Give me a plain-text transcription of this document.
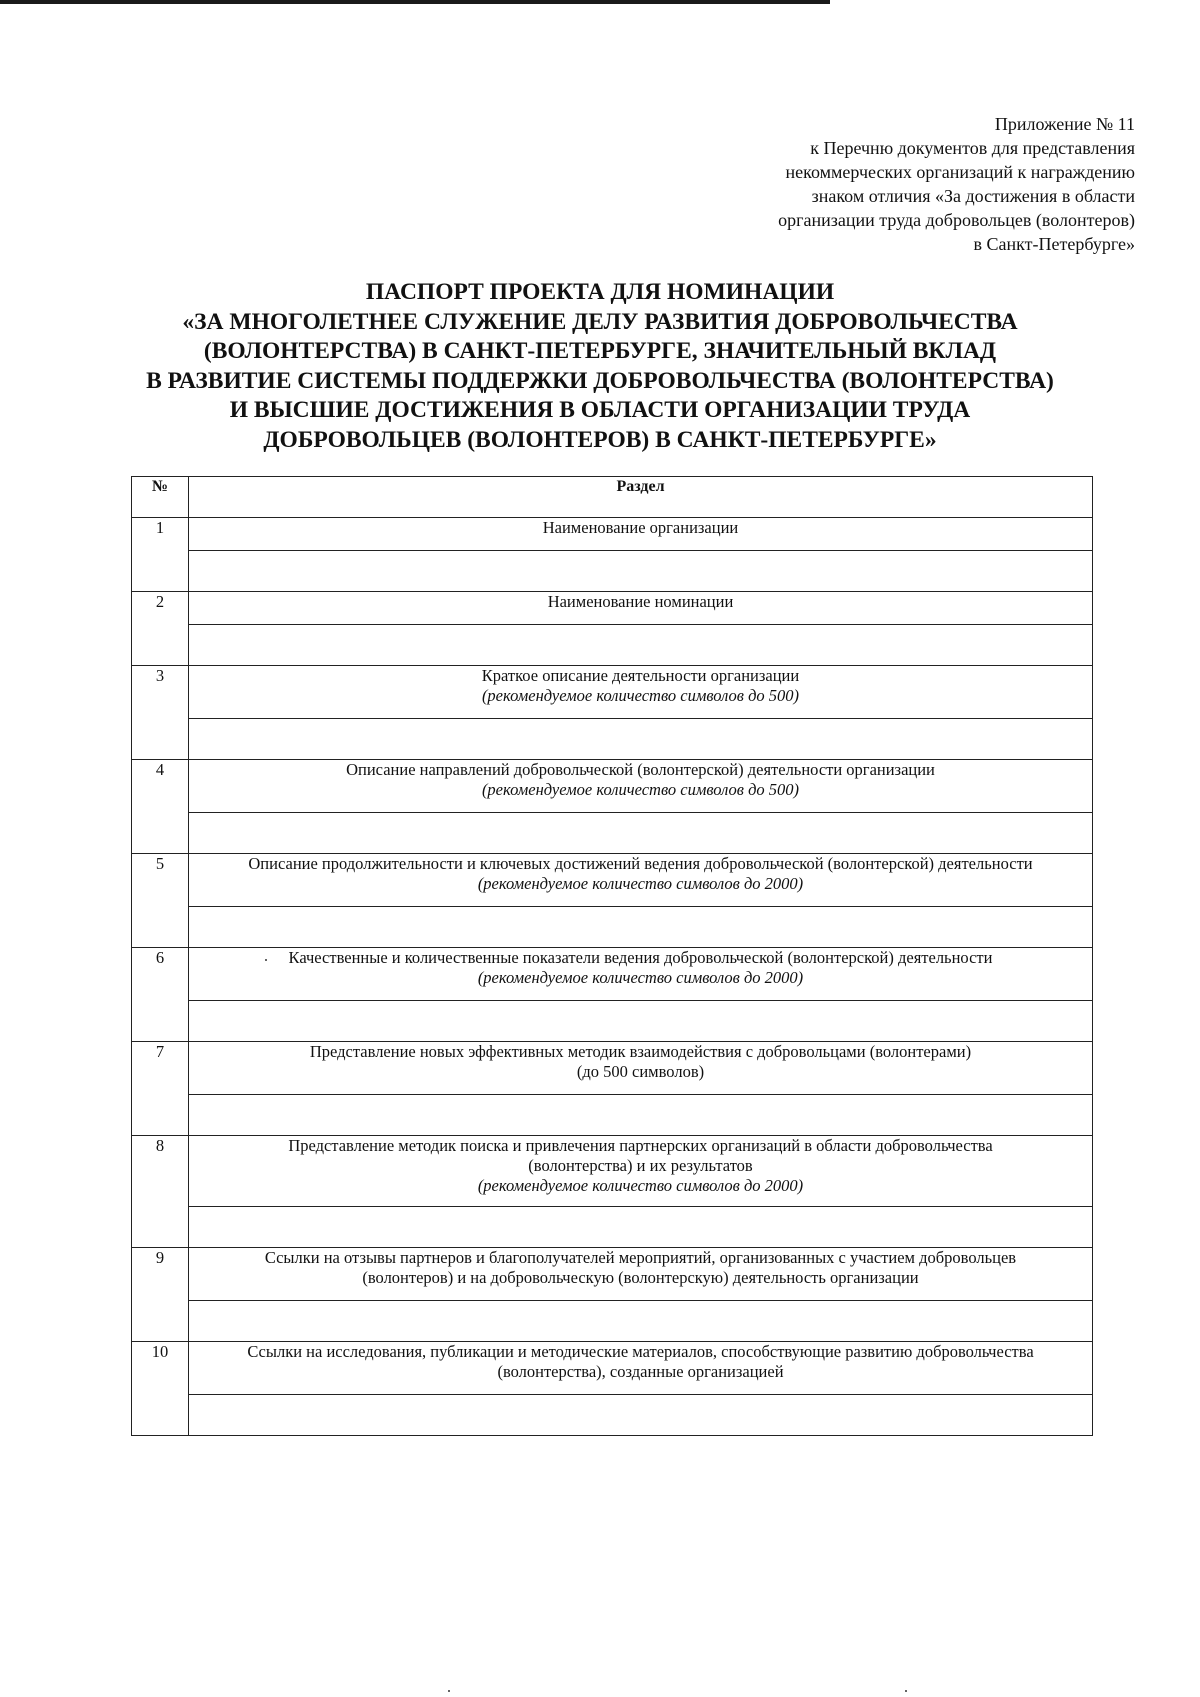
Приложение № 11
к Перечню документов для представления
некоммерческих организаций к награждению
знаком отличия «За достижения в области
организации труда добровольцев (волонтеров)
в Санкт-Петербурге»
ПАСПОРТ ПРОЕКТА ДЛЯ НОМИНАЦИИ
«ЗА МНОГОЛЕТНЕЕ СЛУЖЕНИЕ ДЕЛУ РАЗВИТИЯ ДОБРОВОЛЬЧЕСТВА
(ВОЛОНТЕРСТВА) В САНКТ-ПЕТЕРБУРГЕ, ЗНАЧИТЕЛЬНЫЙ ВКЛАД
В РАЗВИТИЕ СИСТЕМЫ ПОДДЕРЖКИ ДОБРОВОЛЬЧЕСТВА (ВОЛОНТЕРСТВА)
И ВЫСШИЕ ДОСТИЖЕНИЯ В ОБЛАСТИ ОРГАНИЗАЦИИ ТРУДА
ДОБРОВОЛЬЦЕВ (ВОЛОНТЕРОВ) В САНКТ-ПЕТЕРБУРГЕ»
№	Раздел
1	Наименование организации

2	Наименование номинации

3	Краткое описание деятельности организации
(рекомендуемое количество символов до 500)

4	Описание направлений добровольческой (волонтерской) деятельности организации
(рекомендуемое количество символов до 500)

5	Описание продолжительности и ключевых достижений ведения добровольческой (волонтерской) деятельности
(рекомендуемое количество символов до 2000)

6	Качественные и количественные показатели ведения добровольческой (волонтерской) деятельности
(рекомендуемое количество символов до 2000)

7	Представление новых эффективных методик взаимодействия с добровольцами (волонтерами)
(до 500 символов)

8	Представление методик поиска и привлечения партнерских организаций в области добровольчества
(волонтерства) и их результатов
(рекомендуемое количество символов до 2000)

9	Ссылки на отзывы партнеров и благополучателей мероприятий, организованных с участием добровольцев
(волонтеров) и на добровольческую (волонтерскую) деятельность организации

10	Ссылки на исследования, публикации и методические материалов, способствующие развитию добровольчества
(волонтерства), созданные организацией
